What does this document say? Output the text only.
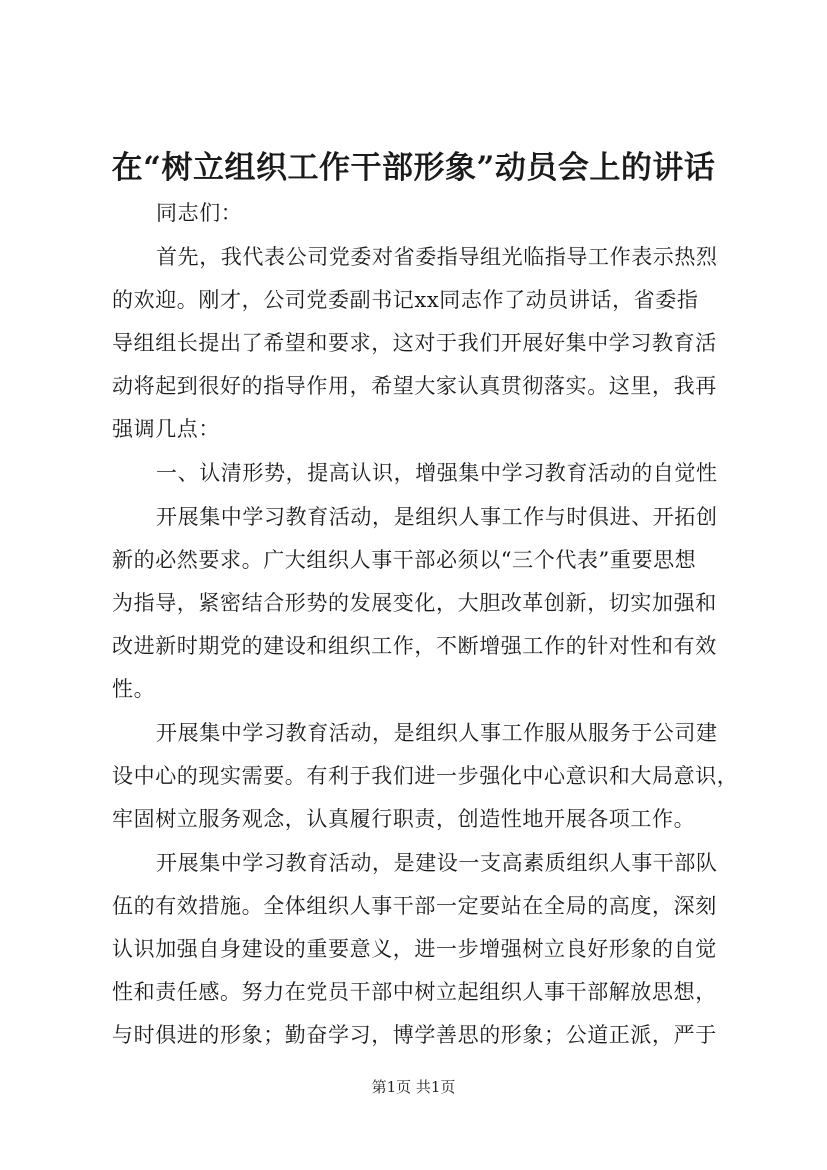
在“树立组织工作干部形象”动员会上的讲话
同志们：
首先，我代表公司党委对省委指导组光临指导工作表示热烈
的欢迎。刚才，公司党委副书记xx同志作了动员讲话，省委指
导组组长提出了希望和要求，这对于我们开展好集中学习教育活
动将起到很好的指导作用，希望大家认真贯彻落实。这里，我再
强调几点：
一、认清形势，提高认识，增强集中学习教育活动的自觉性
开展集中学习教育活动，是组织人事工作与时俱进、开拓创
新的必然要求。广大组织人事干部必须以“三个代表”重要思想
为指导，紧密结合形势的发展变化，大胆改革创新，切实加强和
改进新时期党的建设和组织工作，不断增强工作的针对性和有效
性。
开展集中学习教育活动，是组织人事工作服从服务于公司建
设中心的现实需要。有利于我们进一步强化中心意识和大局意识，
牢固树立服务观念，认真履行职责，创造性地开展各项工作。
开展集中学习教育活动，是建设一支高素质组织人事干部队
伍的有效措施。全体组织人事干部一定要站在全局的高度，深刻
认识加强自身建设的重要意义，进一步增强树立良好形象的自觉
性和责任感。努力在党员干部中树立起组织人事干部解放思想，
与时俱进的形象；勤奋学习，博学善思的形象；公道正派，严于
第1页 共1页
